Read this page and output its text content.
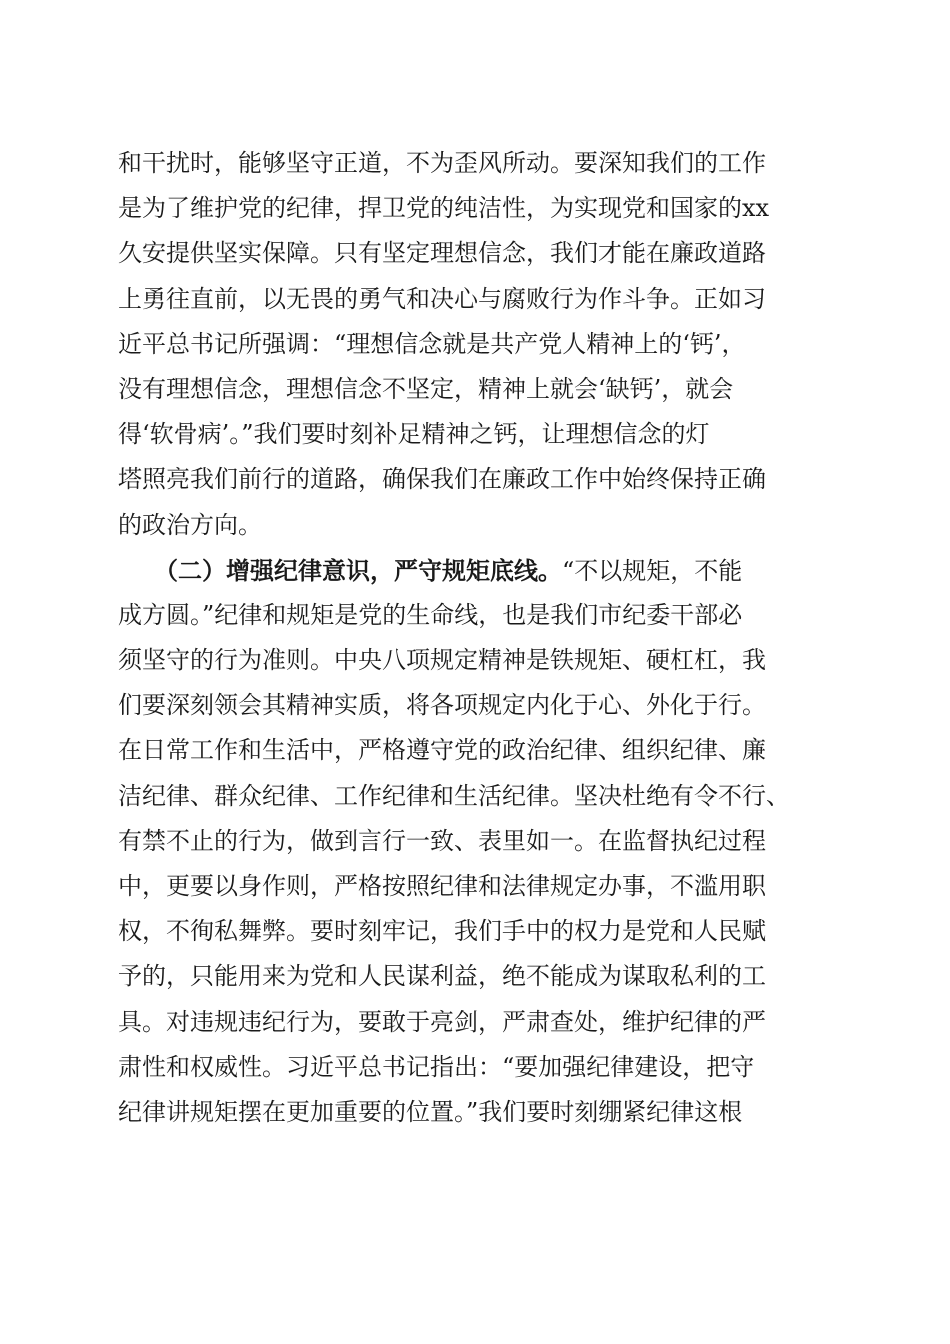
和干扰时，能够坚守正道，不为歪风所动。要深知我们的工作
是为了维护党的纪律，捍卫党的纯洁性，为实现党和国家的xx
久安提供坚实保障。只有坚定理想信念，我们才能在廉政道路
上勇往直前，以无畏的勇气和决心与腐败行为作斗争。正如习
近平总书记所强调：“理想信念就是共产党人精神上的‘钙’，
没有理想信念，理想信念不坚定，精神上就会‘缺钙’，就会
得‘软骨病’。”我们要时刻补足精神之钙，让理想信念的灯
塔照亮我们前行的道路，确保我们在廉政工作中始终保持正确
的政治方向。
　　（二）增强纪律意识，严守规矩底线。“不以规矩，不能
成方圆。”纪律和规矩是党的生命线，也是我们市纪委干部必
须坚守的行为准则。中央八项规定精神是铁规矩、硬杠杠，我
们要深刻领会其精神实质，将各项规定内化于心、外化于行。
在日常工作和生活中，严格遵守党的政治纪律、组织纪律、廉
洁纪律、群众纪律、工作纪律和生活纪律。坚决杜绝有令不行、
有禁不止的行为，做到言行一致、表里如一。在监督执纪过程
中，更要以身作则，严格按照纪律和法律规定办事，不滥用职
权，不徇私舞弊。要时刻牢记，我们手中的权力是党和人民赋
予的，只能用来为党和人民谋利益，绝不能成为谋取私利的工
具。对违规违纪行为，要敢于亮剑，严肃查处，维护纪律的严
肃性和权威性。习近平总书记指出：“要加强纪律建设，把守
纪律讲规矩摆在更加重要的位置。”我们要时刻绷紧纪律这根
